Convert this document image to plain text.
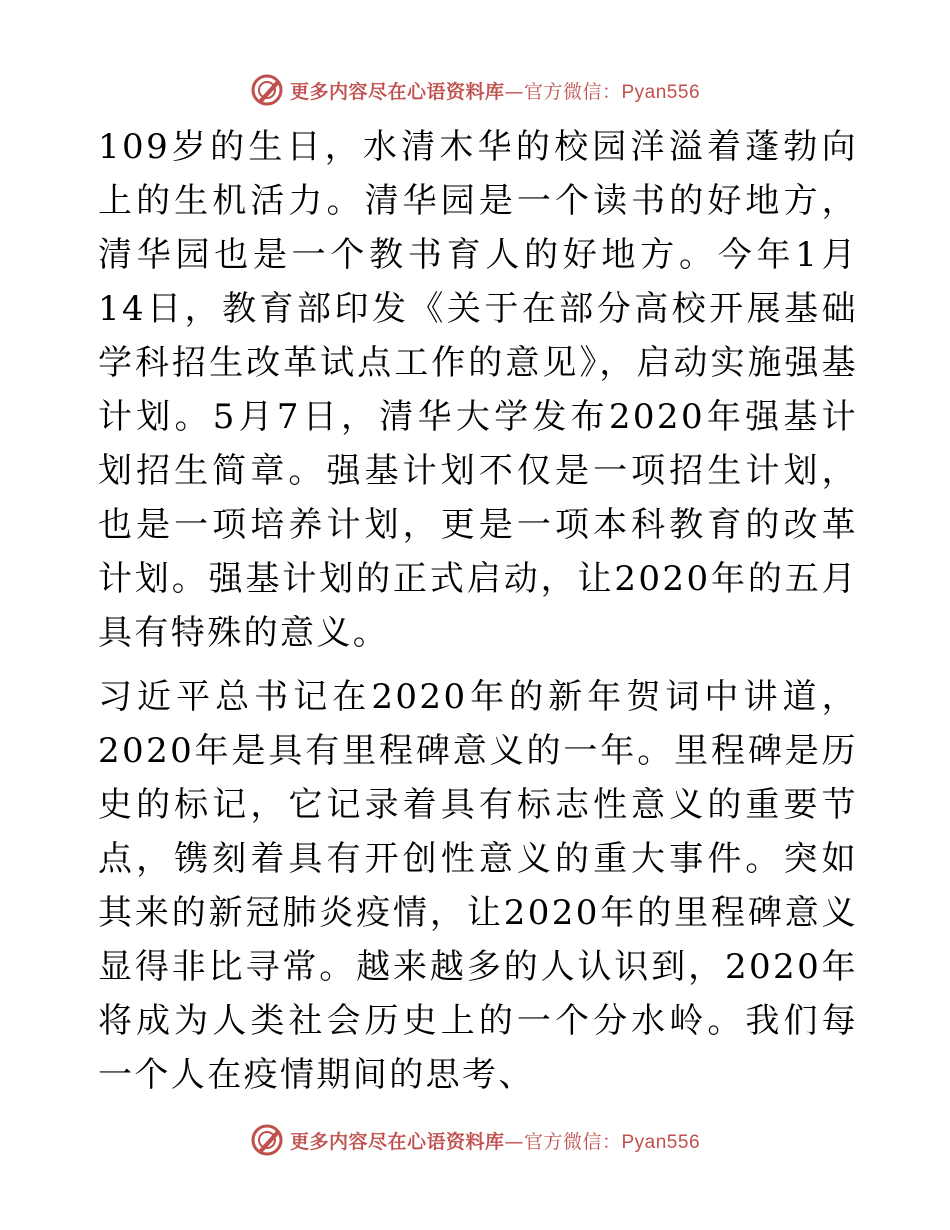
更多内容尽在心语资料库—官方微信：Pyan556

109岁的生日，水清木华的校园洋溢着蓬勃向上的生机活力。清华园是一个读书的好地方，清华园也是一个教书育人的好地方。今年1月14日，教育部印发《关于在部分高校开展基础学科招生改革试点工作的意见》，启动实施强基计划。5月7日，清华大学发布2020年强基计划招生简章。强基计划不仅是一项招生计划，也是一项培养计划，更是一项本科教育的改革计划。强基计划的正式启动，让2020年的五月具有特殊的意义。

习近平总书记在2020年的新年贺词中讲道，2020年是具有里程碑意义的一年。里程碑是历史的标记，它记录着具有标志性意义的重要节点，镌刻着具有开创性意义的重大事件。突如其来的新冠肺炎疫情，让2020年的里程碑意义显得非比寻常。越来越多的人认识到，2020年将成为人类社会历史上的一个分水岭。我们每一个人在疫情期间的思考、

更多内容尽在心语资料库—官方微信：Pyan556
